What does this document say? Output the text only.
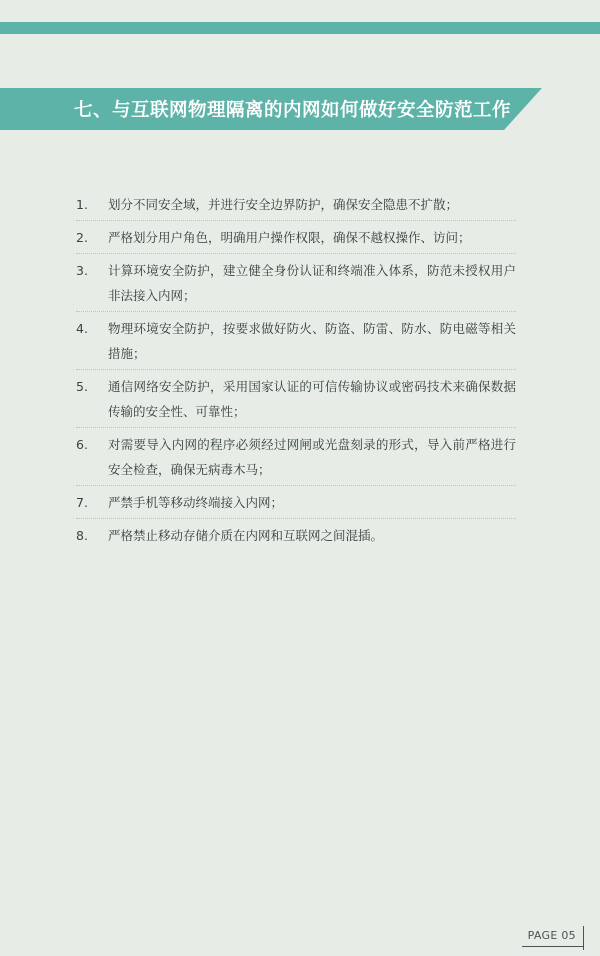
七、与互联网物理隔离的内网如何做好安全防范工作
1. 划分不同安全域，并进行安全边界防护，确保安全隐患不扩散；
2. 严格划分用户角色，明确用户操作权限，确保不越权操作、访问；
3. 计算环境安全防护，建立健全身份认证和终端准入体系，防范未授权用户非法接入内网；
4. 物理环境安全防护，按要求做好防火、防盗、防雷、防水、防电磁等相关措施；
5. 通信网络安全防护，采用国家认证的可信传输协议或密码技术来确保数据传输的安全性、可靠性；
6. 对需要导入内网的程序必须经过网闸或光盘刻录的形式，导入前严格进行安全检查，确保无病毒木马；
7. 严禁手机等移动终端接入内网；
8. 严格禁止移动存储介质在内网和互联网之间混插。
PAGE 05
